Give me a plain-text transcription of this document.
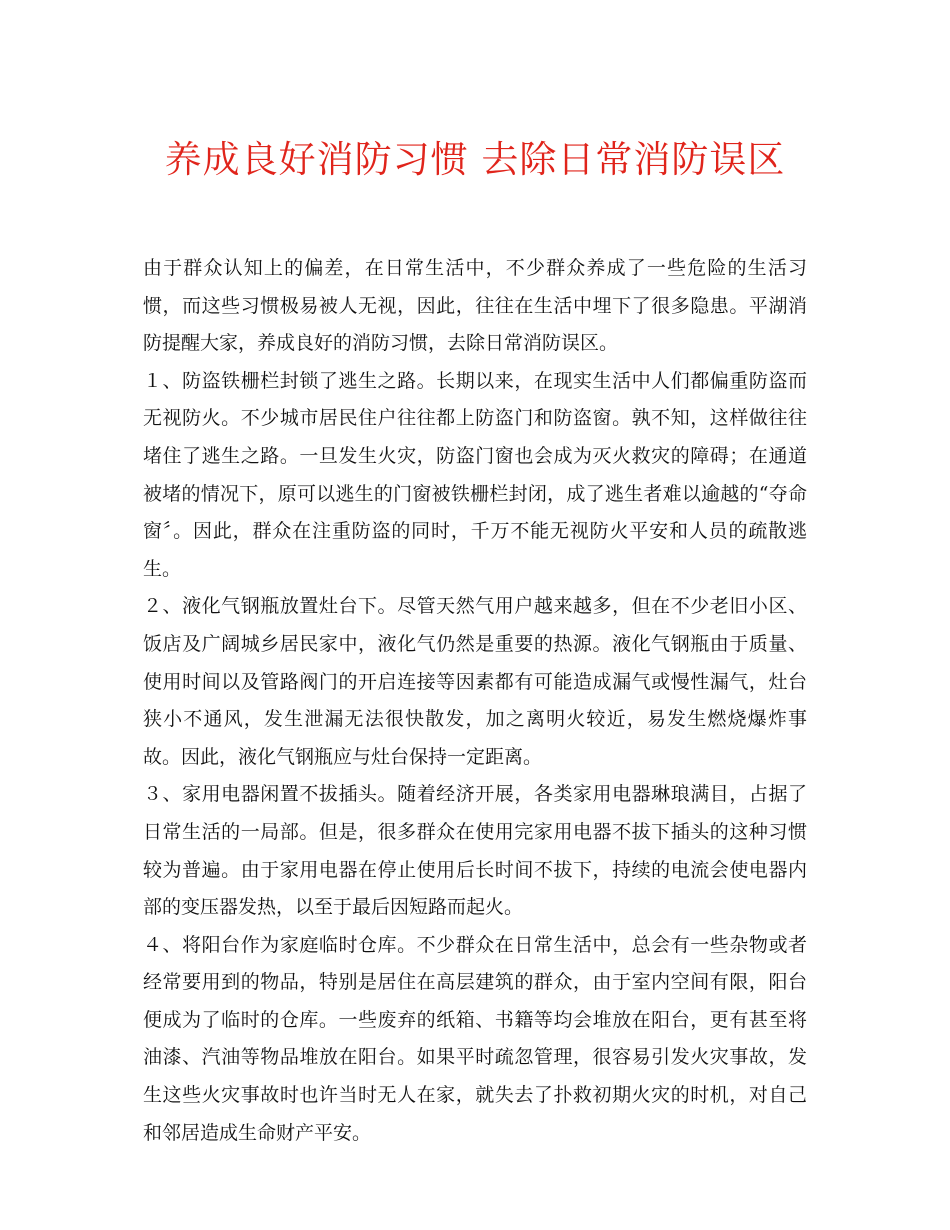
养成良好消防习惯 去除日常消防误区

由于群众认知上的偏差，在日常生活中，不少群众养成了一些危险的生活习惯，而这些习惯极易被人无视，因此，往往在生活中埋下了很多隐患。平湖消防提醒大家，养成良好的消防习惯，去除日常消防误区。

１、防盗铁栅栏封锁了逃生之路。长期以来，在现实生活中人们都偏重防盗而无视防火。不少城市居民住户往往都上防盗门和防盗窗。孰不知，这样做往往堵住了逃生之路。一旦发生火灾，防盗门窗也会成为灭火救灾的障碍；在通道被堵的情况下，原可以逃生的门窗被铁栅栏封闭，成了逃生者难以逾越的“夺命窗〞。因此，群众在注重防盗的同时，千万不能无视防火平安和人员的疏散逃生。

２、液化气钢瓶放置灶台下。尽管天然气用户越来越多，但在不少老旧小区、饭店及广阔城乡居民家中，液化气仍然是重要的热源。液化气钢瓶由于质量、使用时间以及管路阀门的开启连接等因素都有可能造成漏气或慢性漏气，灶台狭小不通风，发生泄漏无法很快散发，加之离明火较近，易发生燃烧爆炸事故。因此，液化气钢瓶应与灶台保持一定距离。

３、家用电器闲置不拔插头。随着经济开展，各类家用电器琳琅满目，占据了日常生活的一局部。但是，很多群众在使用完家用电器不拔下插头的这种习惯较为普遍。由于家用电器在停止使用后长时间不拔下，持续的电流会使电器内部的变压器发热，以至于最后因短路而起火。

４、将阳台作为家庭临时仓库。不少群众在日常生活中，总会有一些杂物或者经常要用到的物品，特别是居住在高层建筑的群众，由于室内空间有限，阳台便成为了临时的仓库。一些废弃的纸箱、书籍等均会堆放在阳台，更有甚至将油漆、汽油等物品堆放在阳台。如果平时疏忽管理，很容易引发火灾事故，发生这些火灾事故时也许当时无人在家，就失去了扑救初期火灾的时机，对自己和邻居造成生命财产平安。
